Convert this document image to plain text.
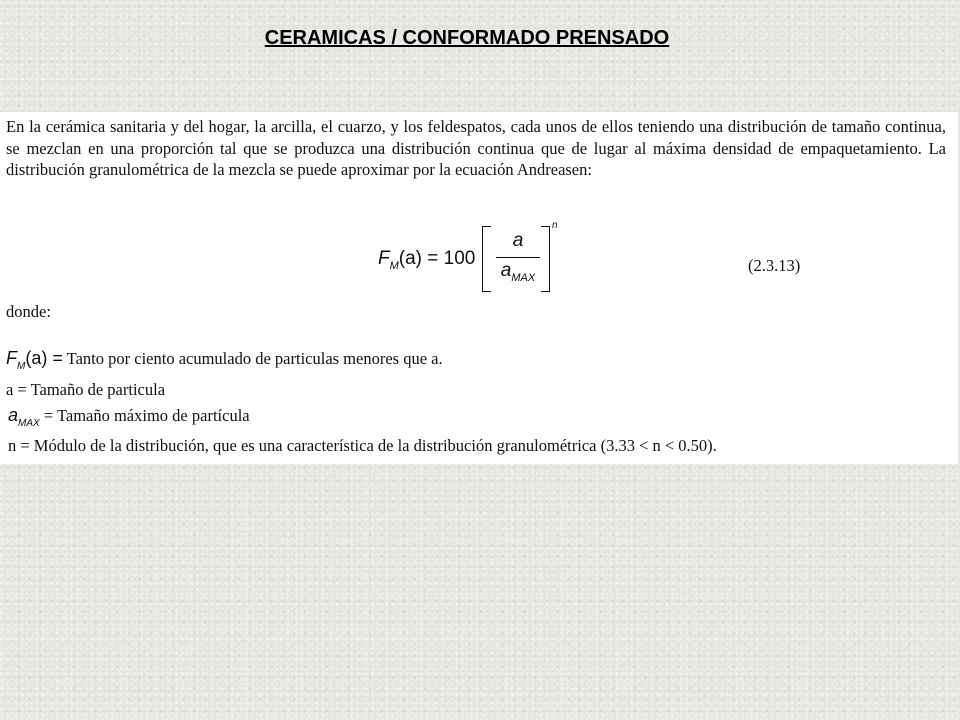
CERAMICAS / CONFORMADO PRENSADO
En la cerámica sanitaria y del hogar, la arcilla, el cuarzo, y los feldespatos, cada unos de ellos teniendo una distribución de tamaño continua, se mezclan en una proporción tal que se produzca una distribución continua que de lugar al máxima densidad de empaquetamiento. La distribución granulométrica de la mezcla se puede aproximar por la ecuación Andreasen:
$F_M(a) = 100$
a
$a_{MAX}$
n
(2.3.13)
donde:
$F_M(a)$ = Tanto por ciento acumulado de particulas menores que a.
a = Tamaño de particula
$a_{MAX}$ = Tamaño máximo de partícula
n = Módulo de la distribución, que es una característica de la distribución granulométrica (3.33 < n < 0.50).
